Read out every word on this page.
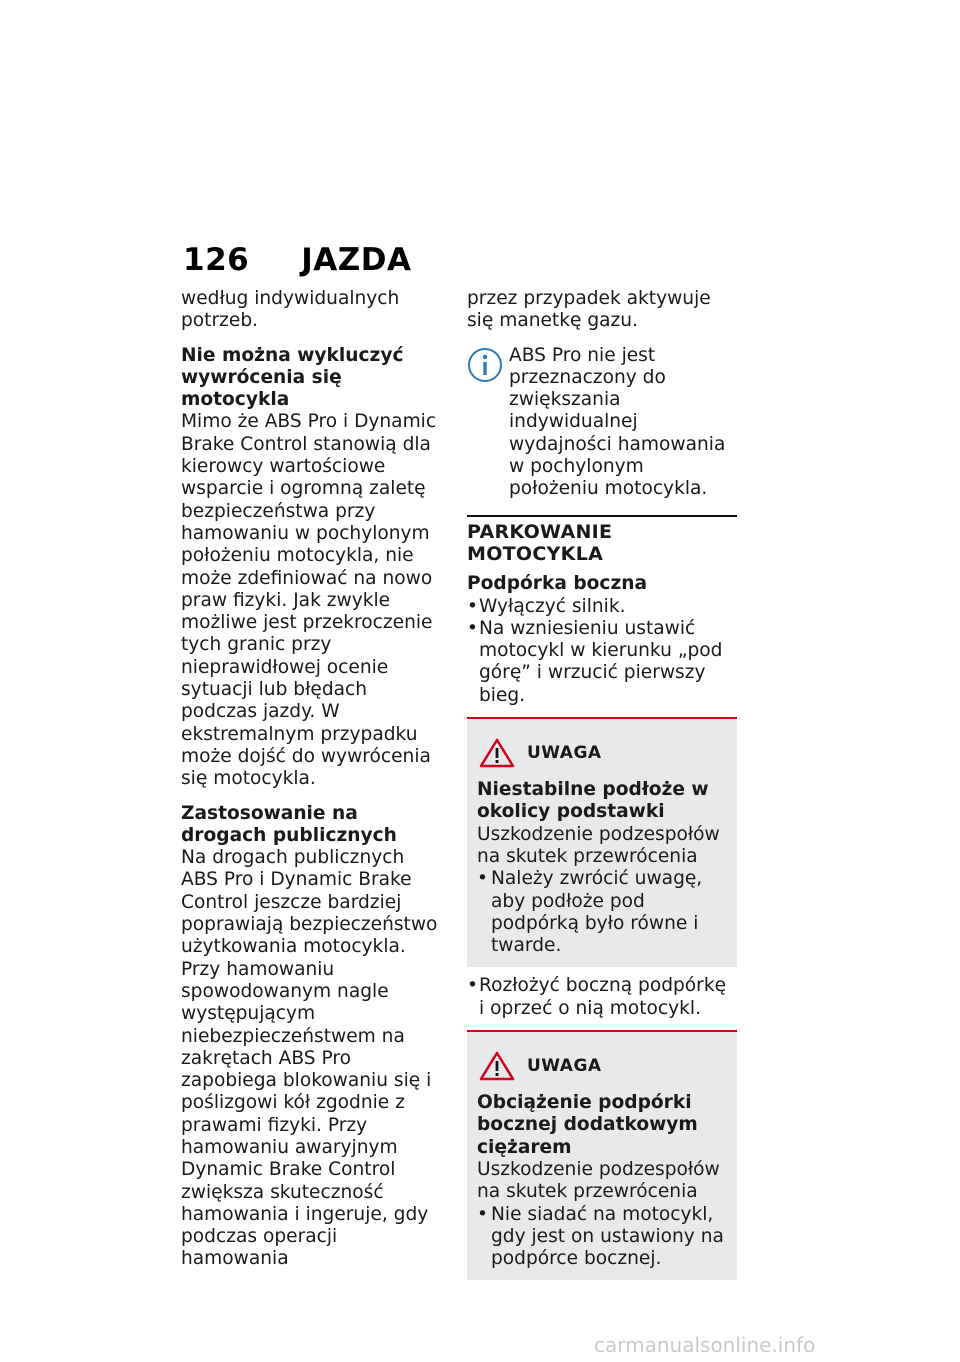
126 JAZDA

według indywidualnych potrzeb.

Nie można wykluczyć wywrócenia się motocykla

Mimo że ABS Pro i Dynamic Brake Control stanowią dla kierowcy wartościowe wsparcie i ogromną zaletę bezpieczeństwa przy hamowaniu w pochylonym położeniu motocykla, nie może zdefiniować na nowo praw fizyki. Jak zwykle możliwe jest przekroczenie tych granic przy nieprawidłowej ocenie sytuacji lub błędach podczas jazdy. W ekstremalnym przypadku może dojść do wywrócenia się motocykla.

Zastosowanie na drogach publicznych

Na drogach publicznych ABS Pro i Dynamic Brake Control jeszcze bardziej poprawiają bezpieczeństwo użytkowania motocykla. Przy hamowaniu spowodowanym nagle występującym niebezpieczeństwem na zakrętach ABS Pro zapobiega blokowaniu się i poślizgowi kół zgodnie z prawami fizyki. Przy hamowaniu awaryjnym Dynamic Brake Control zwiększa skuteczność hamowania i ingeruje, gdy podczas operacji hamowania

przez przypadek aktywuje się manetkę gazu.

ABS Pro nie jest przeznaczony do zwiększania indywidualnej wydajności hamowania w pochylonym położeniu motocykla.

PARKOWANIE MOTOCYKLA

Podpórka boczna

• Wyłączyć silnik.
• Na wzniesieniu ustawić motocykl w kierunku „pod górę” i wrzucić pierwszy bieg.
UWAGA

Niestabilne podłoże w okolicy podstawki

Uszkodzenie podzespołów na skutek przewrócenia

• Należy zwrócić uwagę, aby podłoże pod podpórką było równe i twarde.
• Rozłożyć boczną podpórkę i oprzeć o nią motocykl.
UWAGA

Obciążenie podpórki bocznej dodatkowym ciężarem

Uszkodzenie podzespołów na skutek przewrócenia

• Nie siadać na motocykl, gdy jest on ustawiony na podpórce bocznej.
carmanualsonline.info
